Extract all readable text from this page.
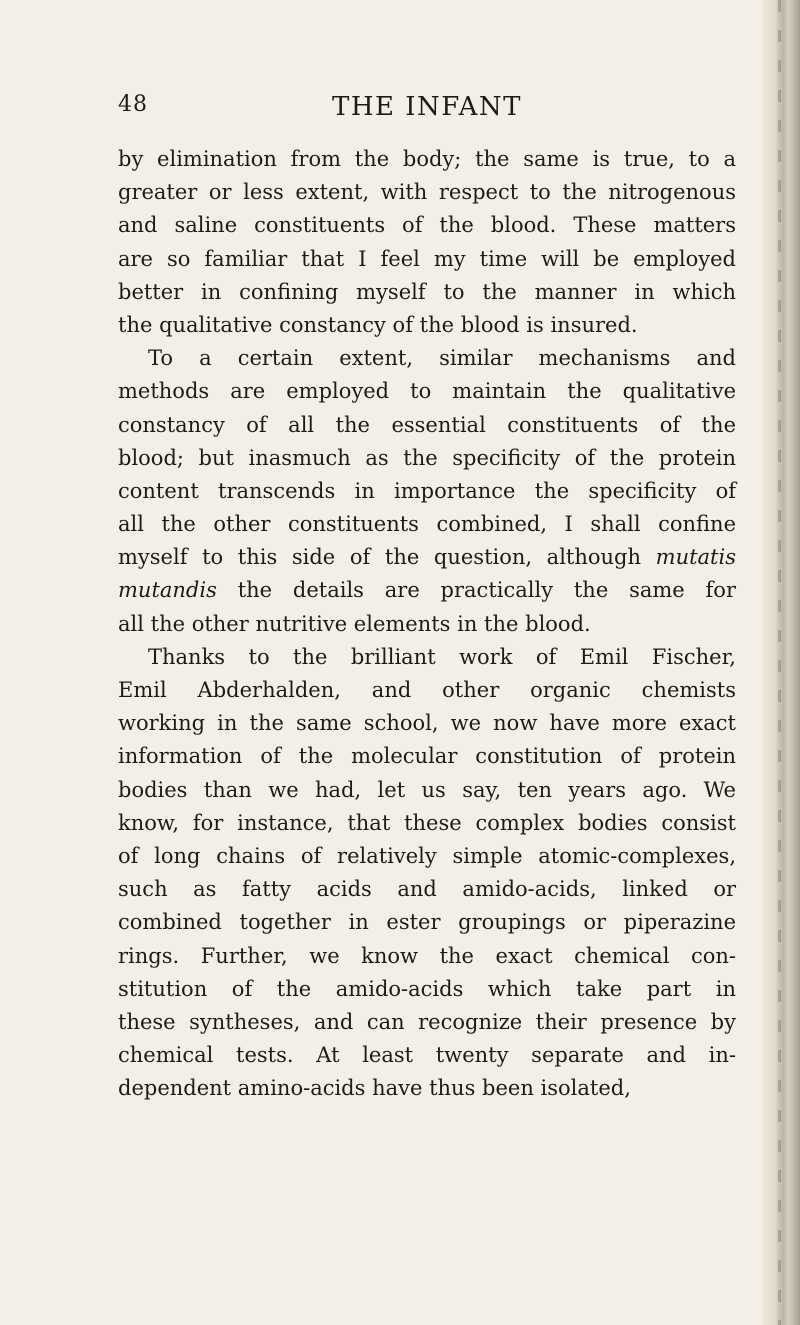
48	THE INFANT
by elimination from the body; the same is true, to a
greater or less extent, with respect to the nitrogenous
and saline constituents of the blood. These matters
are so familiar that I feel my time will be employed
better in confining myself to the manner in which
the qualitative constancy of the blood is insured.
To a certain extent, similar mechanisms and
methods are employed to maintain the qualitative
constancy of all the essential constituents of the
blood; but inasmuch as the specificity of the protein
content transcends in importance the specificity of
all the other constituents combined, I shall confine
myself to this side of the question, although mutatis
mutandis the details are practically the same for
all the other nutritive elements in the blood.
Thanks to the brilliant work of Emil Fischer,
Emil Abderhalden, and other organic chemists
working in the same school, we now have more exact
information of the molecular constitution of protein
bodies than we had, let us say, ten years ago. We
know, for instance, that these complex bodies consist
of long chains of relatively simple atomic-complexes,
such as fatty acids and amido-acids, linked or
combined together in ester groupings or piperazine
rings. Further, we know the exact chemical con-
stitution of the amido-acids which take part in
these syntheses, and can recognize their presence by
chemical tests. At least twenty separate and in-
dependent amino-acids have thus been isolated,
